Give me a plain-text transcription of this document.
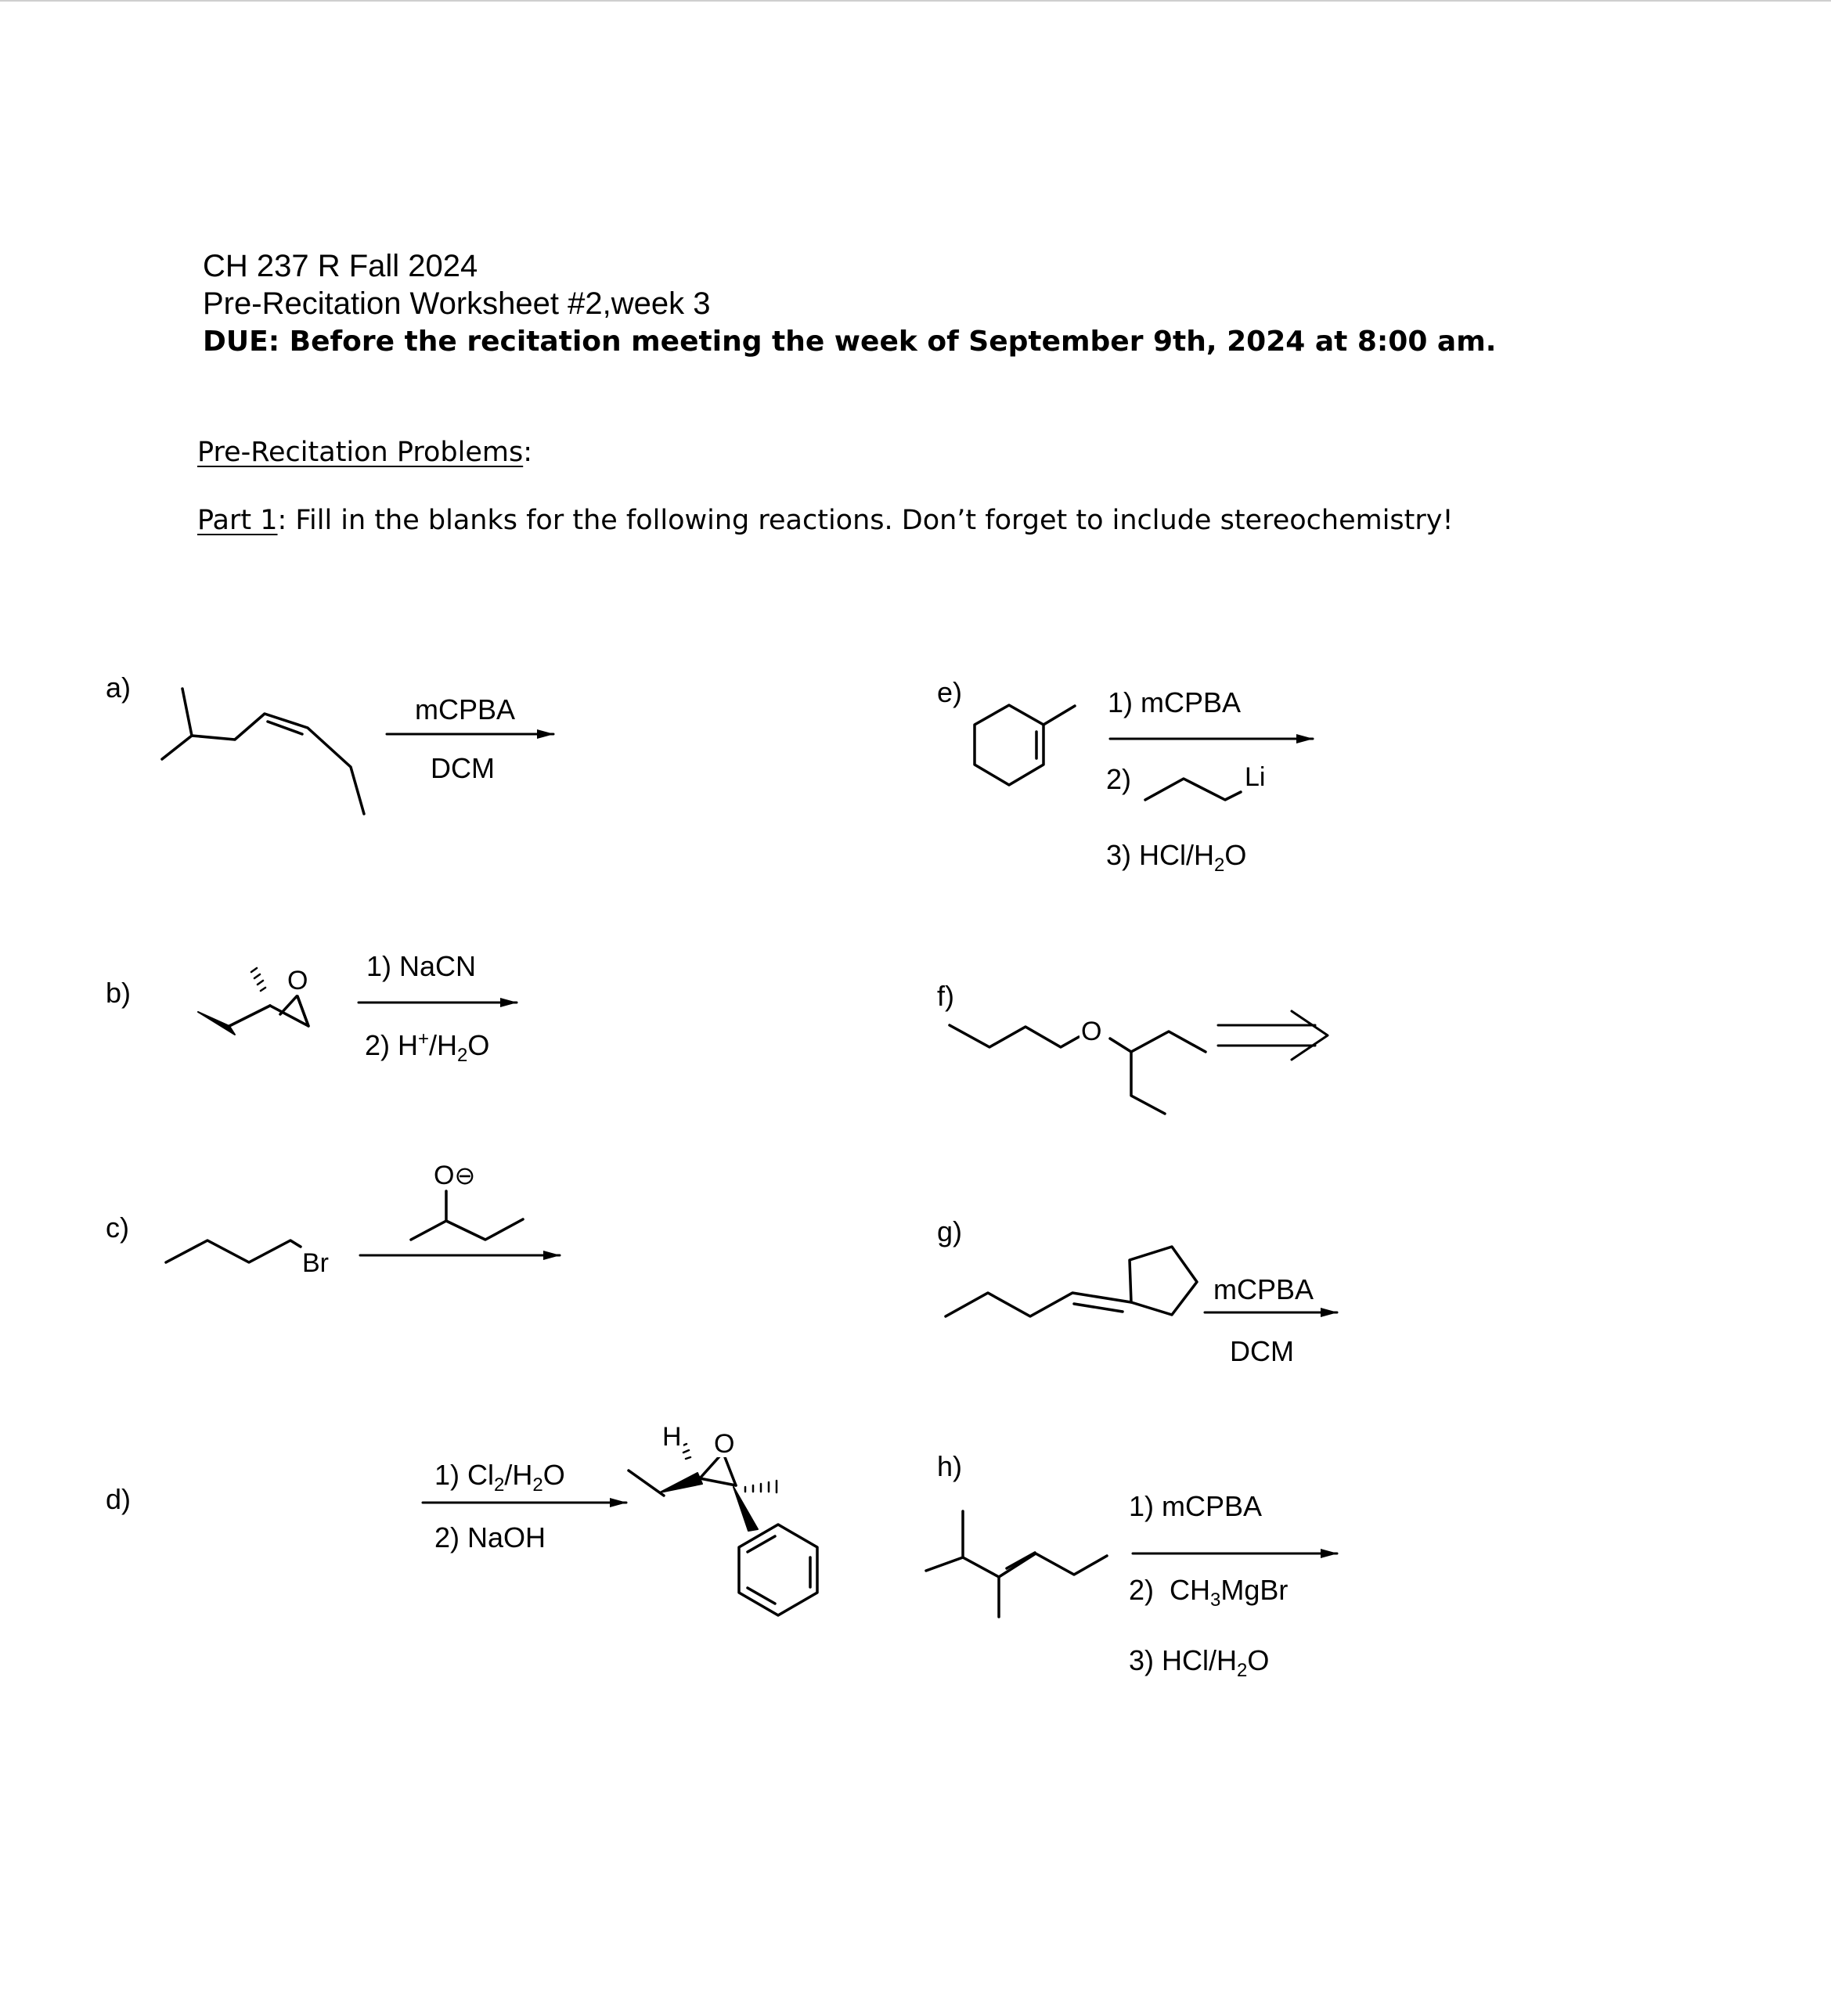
CH 237 R Fall 2024
Pre-Recitation Worksheet #2,week 3
DUE: Before the recitation meeting the week of September 9th, 2024 at 8:00 am.
Pre-Recitation Problems:
Part 1: Fill in the blanks for the following reactions. Don’t forget to include stereochemistry!
a)
b)
c)
d)
e)
f)
g)
h)
O
Br
O⊖
H O
Li
O
mCPBA
DCM
1) NaCN
2) $H^+/H_2O$
1) $Cl_2/H_2O$
2) NaOH
1) mCPBA
2)
3) HCl/$H_2O$
mCPBA
DCM
1) mCPBA
2)  $CH_3MgBr$
3) HCl/$H_2O$
